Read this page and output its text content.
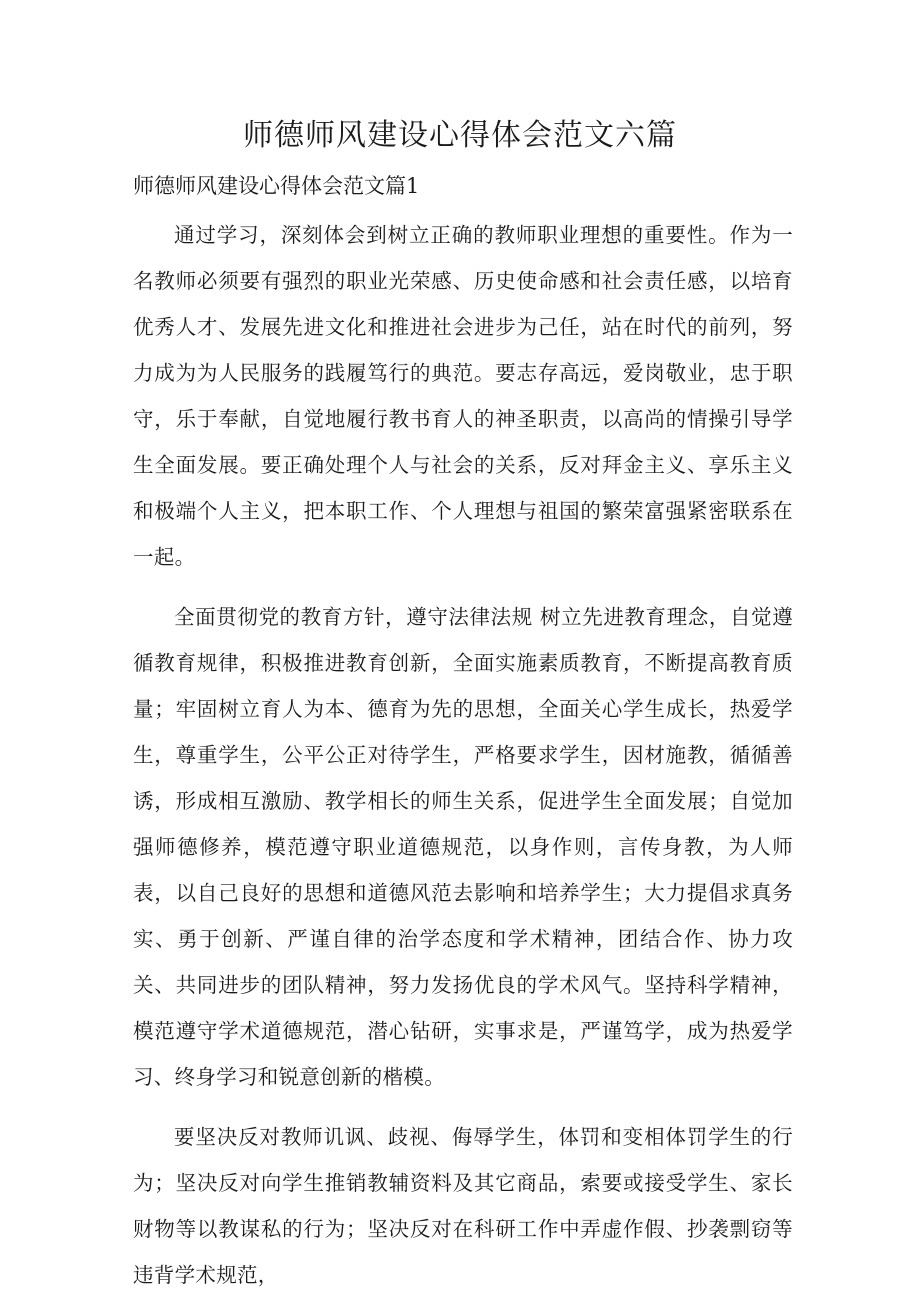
师德师风建设心得体会范文六篇
师德师风建设心得体会范文篇1

通过学习，深刻体会到树立正确的教师职业理想的重要性。作为一名教师必须要有强烈的职业光荣感、历史使命感和社会责任感，以培育优秀人才、发展先进文化和推进社会进步为己任，站在时代的前列，努力成为为人民服务的践履笃行的典范。要志存高远，爱岗敬业，忠于职守，乐于奉献，自觉地履行教书育人的神圣职责，以高尚的情操引导学生全面发展。要正确处理个人与社会的关系，反对拜金主义、享乐主义和极端个人主义，把本职工作、个人理想与祖国的繁荣富强紧密联系在一起。

全面贯彻党的教育方针，遵守法律法规 树立先进教育理念，自觉遵循教育规律，积极推进教育创新，全面实施素质教育，不断提高教育质量；牢固树立育人为本、德育为先的思想，全面关心学生成长，热爱学生，尊重学生，公平公正对待学生，严格要求学生，因材施教，循循善诱，形成相互激励、教学相长的师生关系，促进学生全面发展；自觉加强师德修养，模范遵守职业道德规范，以身作则，言传身教，为人师表，以自己良好的思想和道德风范去影响和培养学生；大力提倡求真务实、勇于创新、严谨自律的治学态度和学术精神，团结合作、协力攻关、共同进步的团队精神，努力发扬优良的学术风气。坚持科学精神，模范遵守学术道德规范，潜心钻研，实事求是，严谨笃学，成为热爱学习、终身学习和锐意创新的楷模。

要坚决反对教师讥讽、歧视、侮辱学生，体罚和变相体罚学生的行为；坚决反对向学生推销教辅资料及其它商品，索要或接受学生、家长财物等以教谋私的行为；坚决反对在科研工作中弄虚作假、抄袭剽窃等违背学术规范，
